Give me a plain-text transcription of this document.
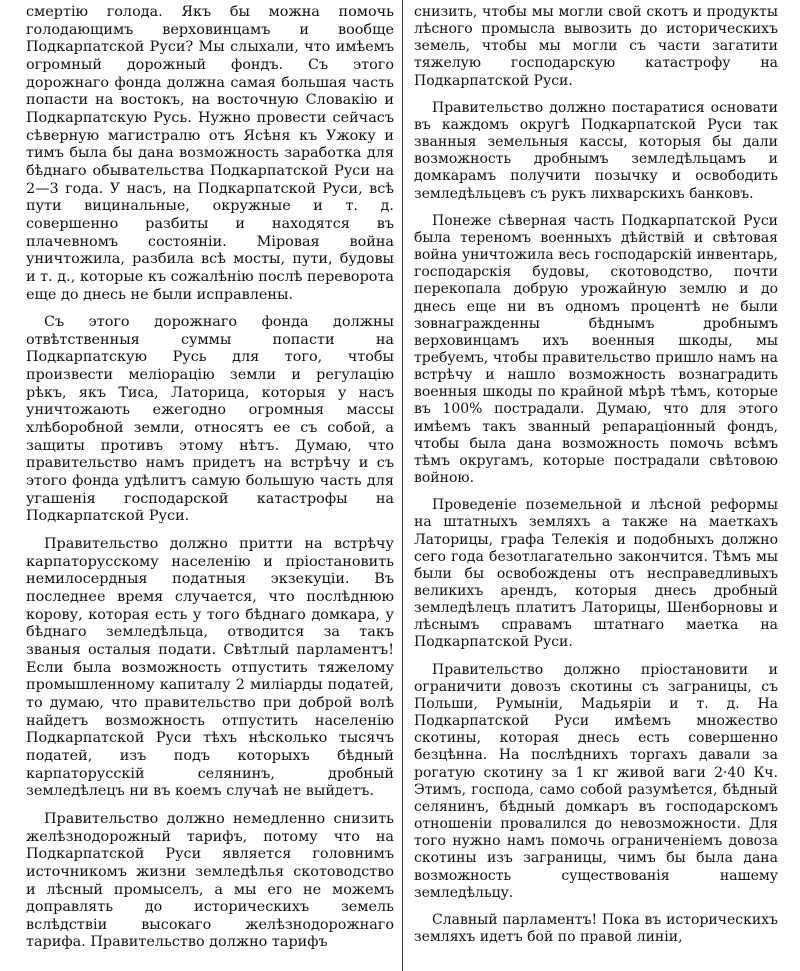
смертію голода. Якъ бы можна помочь голодающимъ верховинцамъ и вообще Подкарпатской Руси? Мы слыхали, что имѣемъ огромный дорожный фондъ. Съ этого дорожнаго фонда должна самая большая часть попасти на востокъ, на восточную Словакію и Подкарпатскую Русь. Нужно провести сейчасъ сѣверную магистралю отъ Ясѣня къ Ужоку и тимъ была бы дана возможность заработка для бѣднаго обывательства Подкарпатской Руси на 2—3 года. У насъ, на Подкарпатской Руси, всѣ пути вицинальные, окружные и т. д. совершенно разбиты и находятся въ плачевномъ состояніи. Міровая война уничтожила, разбила всѣ мосты, пути, будовы и т. д., которые къ сожалѣнію послѣ переворота еще до днесь не были исправлены.

Съ этого дорожнаго фонда должны отвѣтственныя суммы попасти на Подкарпатскую Русь для того, чтобы произвести меліорацію земли и регулацію рѣкъ, якъ Тиса, Латорица, которыя у насъ уничтожають ежегодно огромныя массы хлѣборобной земли, относятъ ее съ собой, а защиты противъ этому нѣтъ. Думаю, что правительство намъ придетъ на встрѣчу и съ этого фонда удѣлитъ самую большую часть для угашенія господарской катастрофы на Подкарпатской Руси.

Правительство должно притти на встрѣчу карпаторусскому населенію и пріостановить немилосердныя податныя экзекуціи. Въ последнее время случается, что послѣднюю корову, которая есть у того бѣднаго домкара, у бѣднаго земледѣльца, отводится за такъ званыя осталыя подати. Свѣтлый парламентъ! Если была возможность отпустить тяжелому промышленному капиталу 2 миліарды податей, то думаю, что правительство при доброй волѣ найдетъ возможность отпустить населенію Подкарпатской Руси тѣхъ нѣсколько тысячъ податей, изъ подъ которыхъ бѣдный карпаторусскій селянинъ, дробный земледѣлецъ ни въ коемъ случаѣ не выйдетъ.

Правительство должно немедленно снизить желѣзнодорожный тарифъ, потому что на Подкарпатской Руси является головнимъ источникомъ жизни земледѣлья скотоводство и лѣсный промыселъ, а мы его не можемъ доправлять до историческихъ земель вслѣдствіи высокаго желѣзнодорожнаго тарифа. Правительство должно тарифъ

снизить, чтобы мы могли свой скотъ и продукты лѣсного промысла вывозить до историческихъ земель, чтобы мы могли съ части загатити тяжелую господарскую катастрофу на Подкарпатской Руси.

Правительство должно постаратися основати въ каждомъ округѣ Подкарпатской Руси так званныя земельныя кассы, которыя бы дали возможность дробнымъ земледѣльцамъ и домкарамъ получити позычку и освободить земледѣльцевъ съ рукъ лихварскихъ банковъ.

Понеже сѣверная часть Подкарпатской Руси была тереномъ военныхъ дѣйствій и свѣтовая война уничтожила весь господарскій инвентарь, господарскія будовы, скотоводство, почти перекопала добрую урожайную землю и до днесь еще ни въ одномъ процентѣ не были зовнагражденны бѣднымъ дробнымъ верховинцамъ ихъ военныя шкоды, мы требуемъ, чтобы правительство пришло намъ на встрѣчу и нашло возможность вознаградить военныя шкоды по крайной мѣрѣ тѣмъ, которые въ 100% пострадали. Думаю, что для этого имѣемъ такъ званный репараціонный фондъ, чтобы была дана возможность помочь всѣмъ тѣмъ округамъ, которые пострадали свѣтовою войною.

Проведеніе поземельной и лѣсной реформы на штатныхъ земляхъ а также на маеткахъ Латорицы, графа Телекія и подобныхъ должно сего года безотлагательно закончится. Тѣмъ мы были бы освобождены отъ несправедливыхъ великихъ арендъ, которыя днесь дробный земледѣлецъ платитъ Латорицы, Шенборновы и лѣснымъ справамъ штатнаго маетка на Подкарпатской Руси.

Правительство должно пріостановити и ограничити довозъ скотины съ заграницы, съ Польши, Румыніи, Мадьяріи и т. д. На Подкарпатской Руси имѣемъ множество скотины, которая днесь есть совершенно безцѣнна. На послѣднихъ торгахъ давали за рогатую скотину за 1 кг живой ваги 2·40 Кч. Этимъ, господа, само собой разумѣется, бѣдный селянинъ, бѣдный домкаръ въ господарскомъ отношеніи провалился до невозможности. Для того нужно намъ помочь ограниченіемъ довоза скотины изъ заграницы, чимъ бы была дана возможность существованія нашему земледѣльцу.

Славный парламентъ! Пока въ историческихъ земляхъ идетъ бой по правой линіи,
